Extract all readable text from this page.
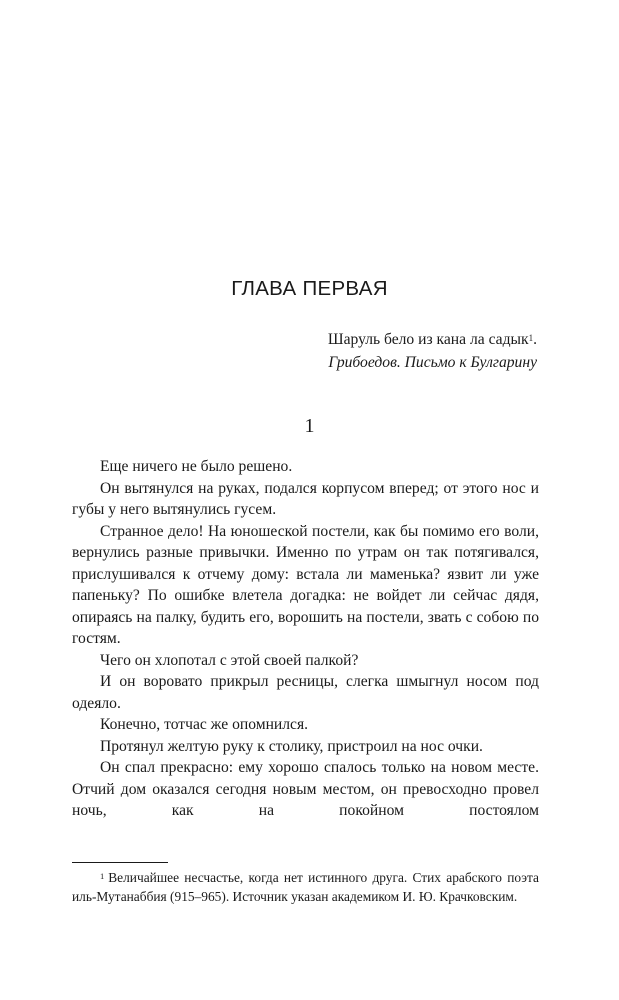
ГЛАВА ПЕРВАЯ
Шаруль бело из кана ла садык$^1$.
Грибоедов. Письмо к Булгарину
1

Еще ничего не было решено.

Он вытянулся на руках, подался корпусом вперед; от этого нос и губы у него вытянулись гусем.

Странное дело! На юношеской постели, как бы помимо его воли, вернулись разные привычки. Именно по утрам он так потягивался, прислушивался к отчему дому: встала ли маменька? язвит ли уже папеньку? По ошибке влетела догадка: не войдет ли сейчас дядя, опираясь на палку, будить его, ворошить на постели, звать с собою по гостям.

Чего он хлопотал с этой своей палкой?

И он воровато прикрыл ресницы, слегка шмыгнул носом под одеяло.

Конечно, тотчас же опомнился.

Протянул желтую руку к столику, пристроил на нос очки.

Он спал прекрасно: ему хорошо спалось только на новом месте. Отчий дом оказался сегодня новым местом, он превосходно провел ночь, как на покойном постоялом

$^1$ Величайшее несчастье, когда нет истинного друга. Стих арабского поэта иль-Мутанаббия (915–965). Источник указан академиком И. Ю. Крачковским.
